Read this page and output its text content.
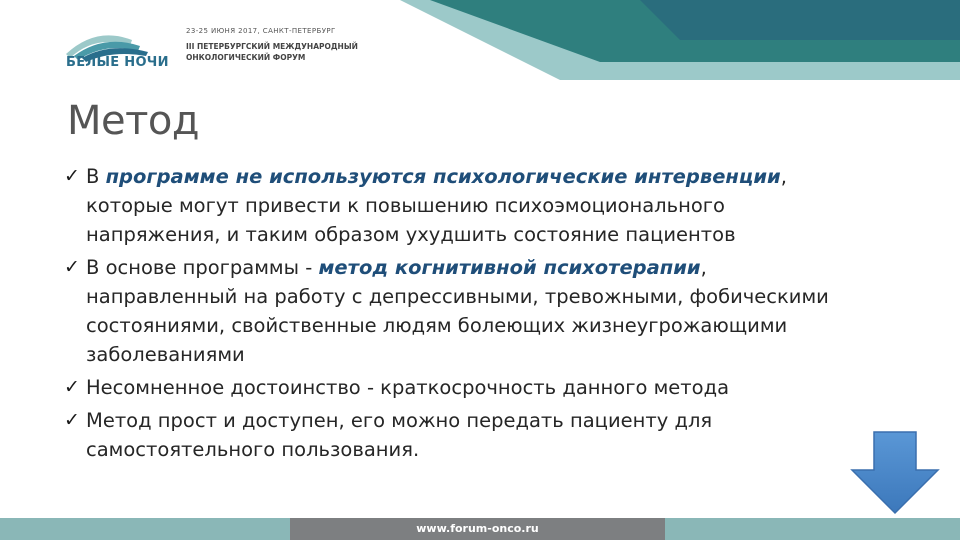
БЕЛЫЕ НОЧИ
23-25 ИЮНЯ 2017, САНКТ-ПЕТЕРБУРГ
III ПЕТЕРБУРГСКИЙ МЕЖДУНАРОДНЫЙ
ОНКОЛОГИЧЕСКИЙ ФОРУМ
Метод
✓ В программе не используются психологические интервенции, которые могут привести к повышению психоэмоционального напряжения, и таким образом ухудшить состояние пациентов
✓ В основе программы - метод когнитивной психотерапии, направленный на работу с депрессивными, тревожными, фобическими состояниями, свойственные людям болеющих жизнеугрожающими заболеваниями
✓ Несомненное достоинство - краткосрочность данного метода
✓ Метод прост и доступен, его можно передать пациенту для самостоятельного пользования.
www.forum-onco.ru
